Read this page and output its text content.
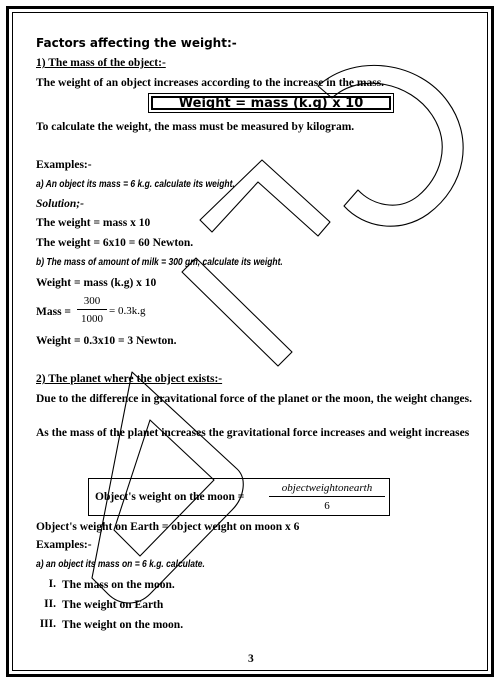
Factors affecting the weight:-
1) The mass of the object:-
The weight of an object increases according to the increase in the mass.
Weight = mass (k.g) x 10
To calculate the weight, the mass must be measured by kilogram.
Examples:-
a) An object its mass = 6 k.g. calculate its weight.
Solution;-
The weight = mass x 10
The weight = 6x10 = 60 Newton.
b) The mass of amount of milk = 300 gm, calculate its weight.
Weight = mass (k.g) x 10
Mass =
300
1000
= 0.3k.g
Weight = 0.3x10 = 3 Newton.
2) The planet where the object exists:-
Due to the difference in gravitational force of the planet or the moon, the weight changes.
As the mass of the planet increases the gravitational force increases and weight increases
Object's weight on the moon =
objectweightonearth
6
Object's weight on Earth = object weight on moon x 6
Examples:-
a) an object its mass on = 6 k.g. calculate.
I. The mass on the moon.
II. The weight on Earth
III. The weight on the moon.
3
